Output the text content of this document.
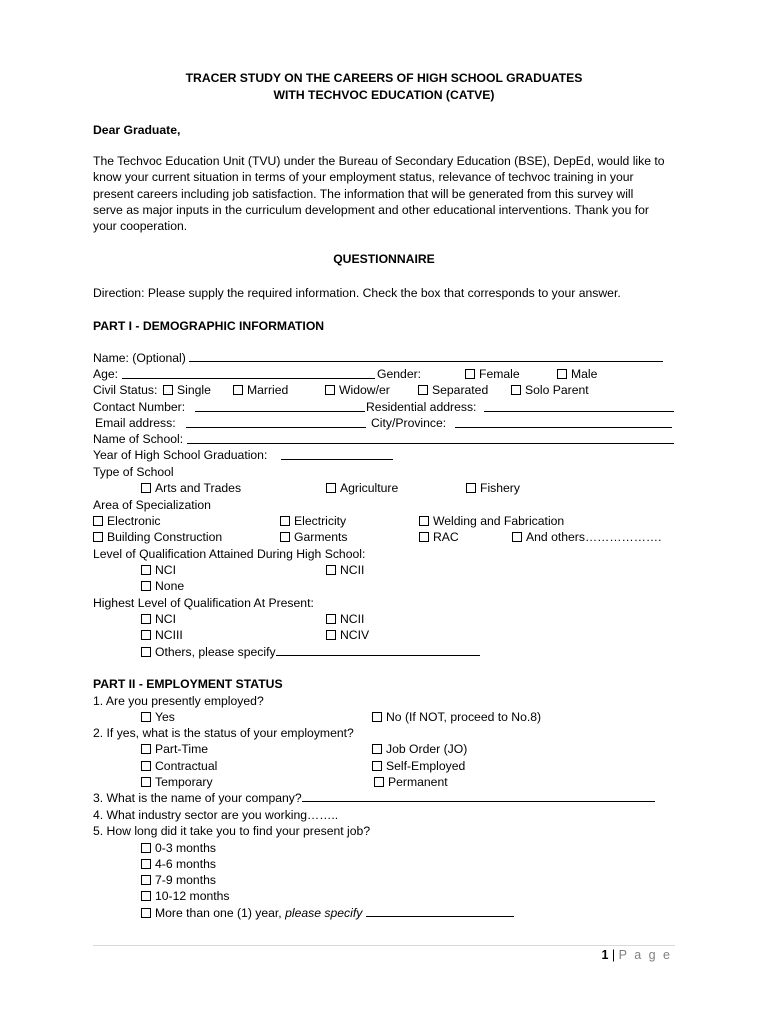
TRACER STUDY ON THE CAREERS OF HIGH SCHOOL GRADUATES
WITH TECHVOC EDUCATION (CATVE)
Dear Graduate,
The Techvoc Education Unit (TVU) under the Bureau of Secondary Education (BSE), DepEd, would like to know your current situation in terms of your employment status, relevance of techvoc training in your present careers including job satisfaction. The information that will be generated from this survey will serve as major inputs in the curriculum development and other educational interventions. Thank you for your cooperation.
QUESTIONNAIRE
Direction: Please supply the required information. Check the box that corresponds to your answer.
PART I - DEMOGRAPHIC INFORMATION
Name: (Optional)
Age:	Gender:	Female	Male
Civil Status:	Single	Married	Widow/er	Separated	Solo Parent
Contact Number:	Residential address:
Email address:	City/Province:
Name of School:
Year of High School Graduation:
Type of School
Arts and Trades	Agriculture	Fishery
Area of Specialization
Electronic	Electricity	Welding and Fabrication
Building Construction	Garments	RAC	And others……………….
Level of Qualification Attained During High School:
NCI	NCII
None
Highest Level of Qualification At Present:
NCI	NCII
NCIII	NCIV
Others, please specify
PART II - EMPLOYMENT STATUS
1. Are you presently employed?
Yes	No (If NOT, proceed to No.8)
2. If yes, what is the status of your employment?
Part-Time	Job Order (JO)
Contractual	Self-Employed
Temporary	Permanent
3. What is the name of your company?
4. What industry sector are you working……..
5. How long did it take you to find your present job?
0-3 months
4-6 months
7-9 months
10-12 months
More than one (1) year, please specify
1 | P a g e
